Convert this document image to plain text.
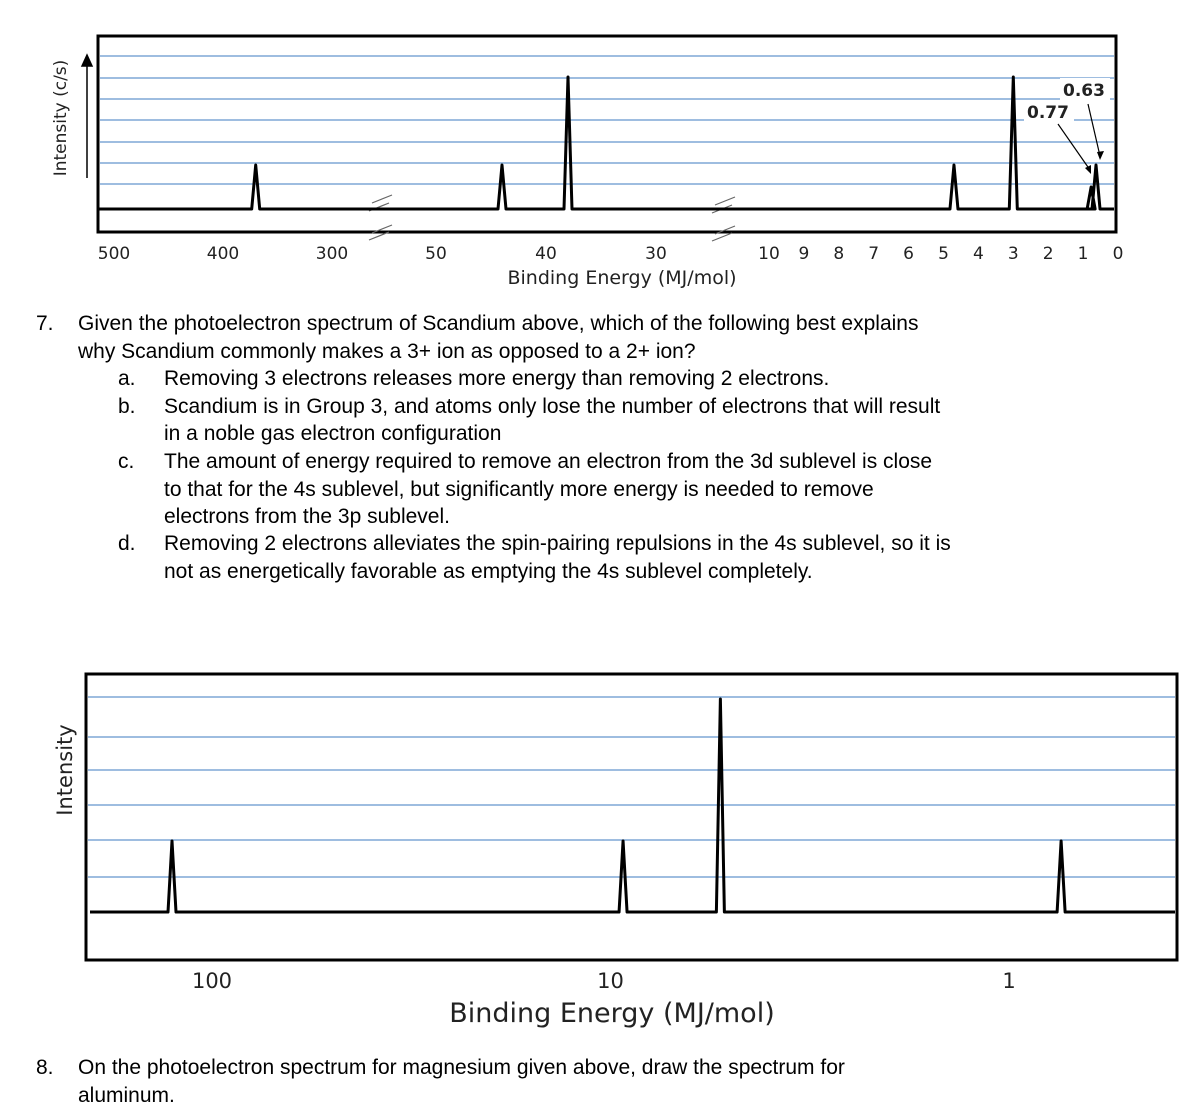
500	400	300	50	40	30	10 9 8 7 6 5 4 3 2 1 0
Binding Energy (MJ/mol)
Intensity (c/s)	0.63
0.77
100	10	1
Binding Energy (MJ/mol)
Intensity
7. Given the photoelectron spectrum of Scandium above, which of the following best explains
why Scandium commonly makes a 3+ ion as opposed to a 2+ ion?
a. Removing 3 electrons releases more energy than removing 2 electrons.
b. Scandium is in Group 3, and atoms only lose the number of electrons that will result
in a noble gas electron configuration
c. The amount of energy required to remove an electron from the 3d sublevel is close
to that for the 4s sublevel, but significantly more energy is needed to remove
electrons from the 3p sublevel.
d. Removing 2 electrons alleviates the spin-pairing repulsions in the 4s sublevel, so it is
not as energetically favorable as emptying the 4s sublevel completely.
8. On the photoelectron spectrum for magnesium given above, draw the spectrum for
aluminum.
